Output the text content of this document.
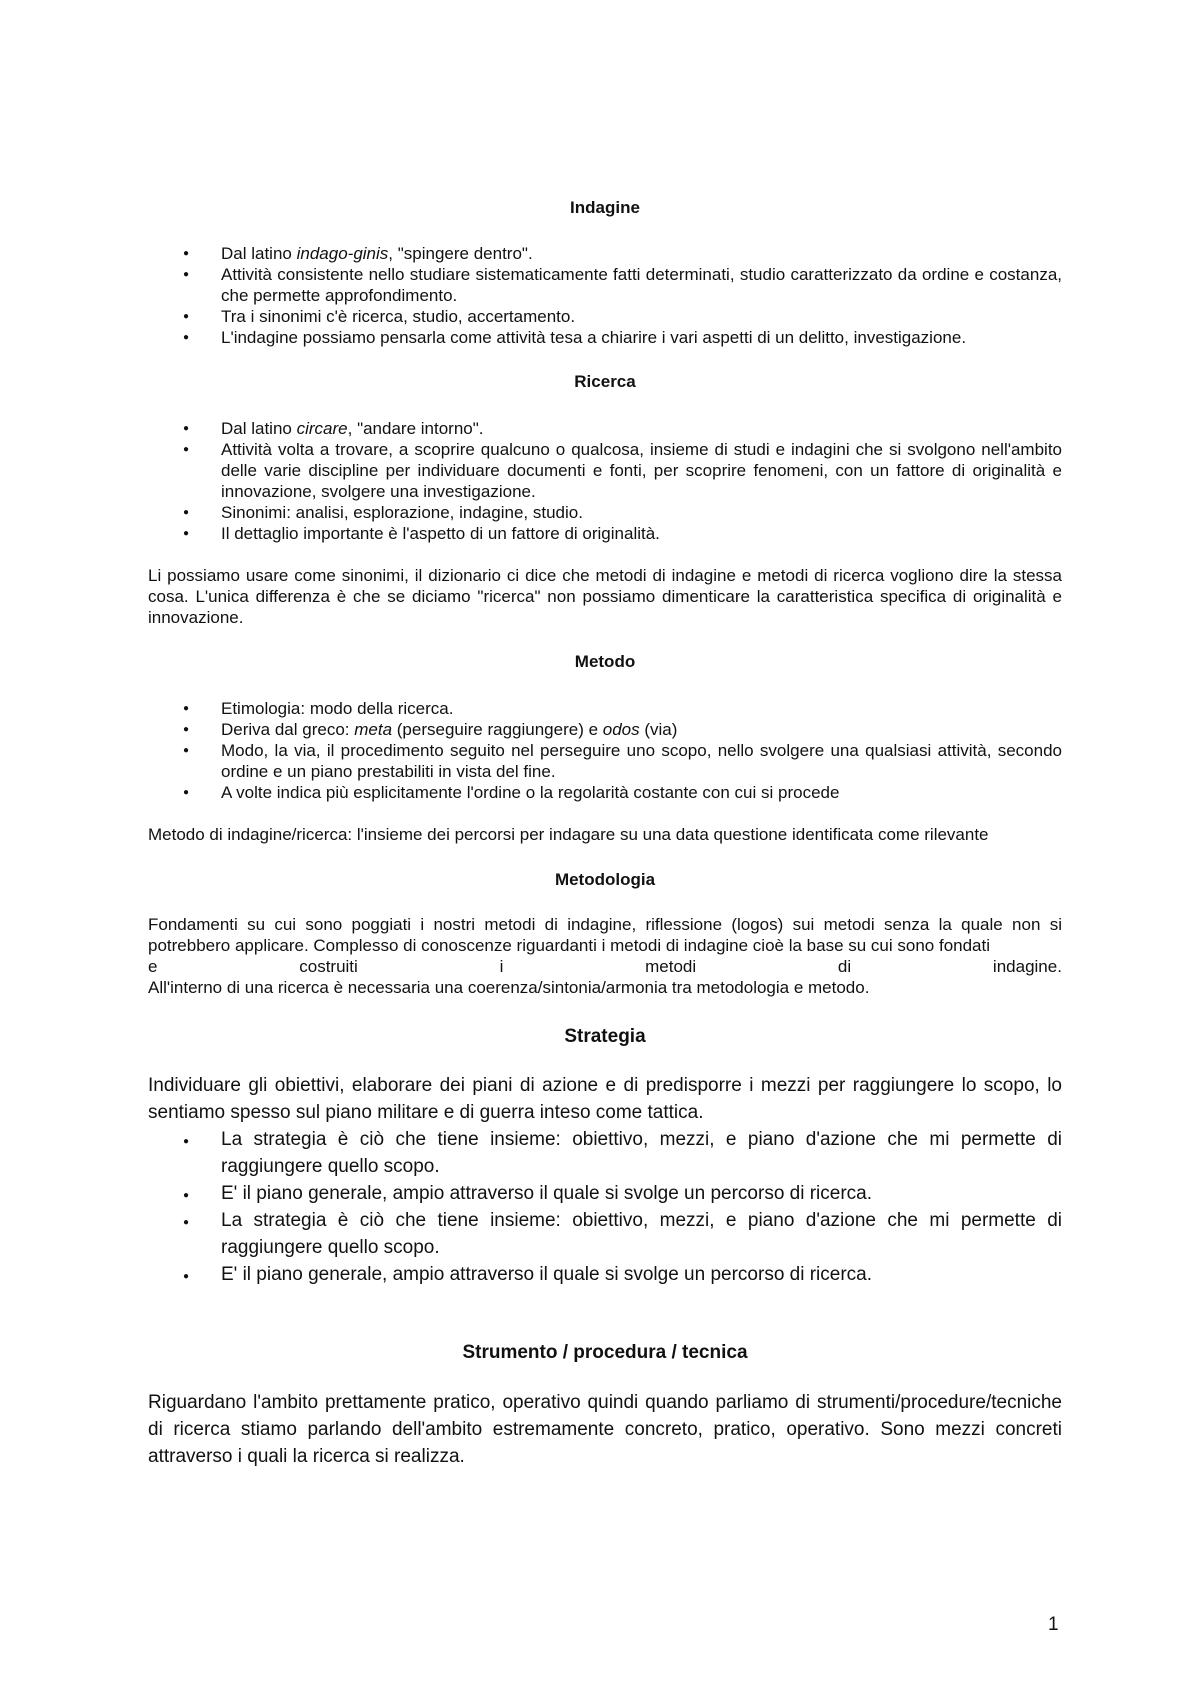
Indagine
● Dal latino indago-ginis, "spingere dentro".
● Attività consistente nello studiare sistematicamente fatti determinati, studio caratterizzato da ordine e costanza, che permette approfondimento.
● Tra i sinonimi c'è ricerca, studio, accertamento.
● L'indagine possiamo pensarla come attività tesa a chiarire i vari aspetti di un delitto, investigazione.
Ricerca
● Dal latino circare, "andare intorno".
● Attività volta a trovare, a scoprire qualcuno o qualcosa, insieme di studi e indagini che si svolgono nell'ambito delle varie discipline per individuare documenti e fonti, per scoprire fenomeni, con un fattore di originalità e innovazione, svolgere una investigazione.
● Sinonimi: analisi, esplorazione, indagine, studio.
● Il dettaglio importante è l'aspetto di un fattore di originalità.

Li possiamo usare come sinonimi, il dizionario ci dice che metodi di indagine e metodi di ricerca vogliono dire la stessa cosa. L'unica differenza è che se diciamo "ricerca" non possiamo dimenticare la caratteristica specifica di originalità e innovazione.

Metodo
● Etimologia: modo della ricerca.
● Deriva dal greco: meta (perseguire raggiungere) e odos (via)
● Modo, la via, il procedimento seguito nel perseguire uno scopo, nello svolgere una qualsiasi attività, secondo ordine e un piano prestabiliti in vista del fine.
● A volte indica più esplicitamente l'ordine o la regolarità costante con cui si procede

Metodo di indagine/ricerca: l'insieme dei percorsi per indagare su una data questione identificata come rilevante

Metodologia

Fondamenti su cui sono poggiati i nostri metodi di indagine, riflessione (logos) sui metodi senza la quale non si potrebbero applicare. Complesso di conoscenze riguardanti i metodi di indagine cioè la base su cui sono fondati

e	costruiti	i	metodi	di	indagine.

All'interno di una ricerca è necessaria una coerenza/sintonia/armonia tra metodologia e metodo.

Strategia

Individuare gli obiettivi, elaborare dei piani di azione e di predisporre i mezzi per raggiungere lo scopo, lo sentiamo spesso sul piano militare e di guerra inteso come tattica.

● La strategia è ciò che tiene insieme: obiettivo, mezzi, e piano d'azione che mi permette di raggiungere quello scopo.
● E' il piano generale, ampio attraverso il quale si svolge un percorso di ricerca.
● La strategia è ciò che tiene insieme: obiettivo, mezzi, e piano d'azione che mi permette di raggiungere quello scopo.
● E' il piano generale, ampio attraverso il quale si svolge un percorso di ricerca.
Strumento / procedura / tecnica

Riguardano l'ambito prettamente pratico, operativo quindi quando parliamo di strumenti/procedure/tecniche di ricerca stiamo parlando dell'ambito estremamente concreto, pratico, operativo. Sono mezzi concreti attraverso i quali la ricerca si realizza.

1
